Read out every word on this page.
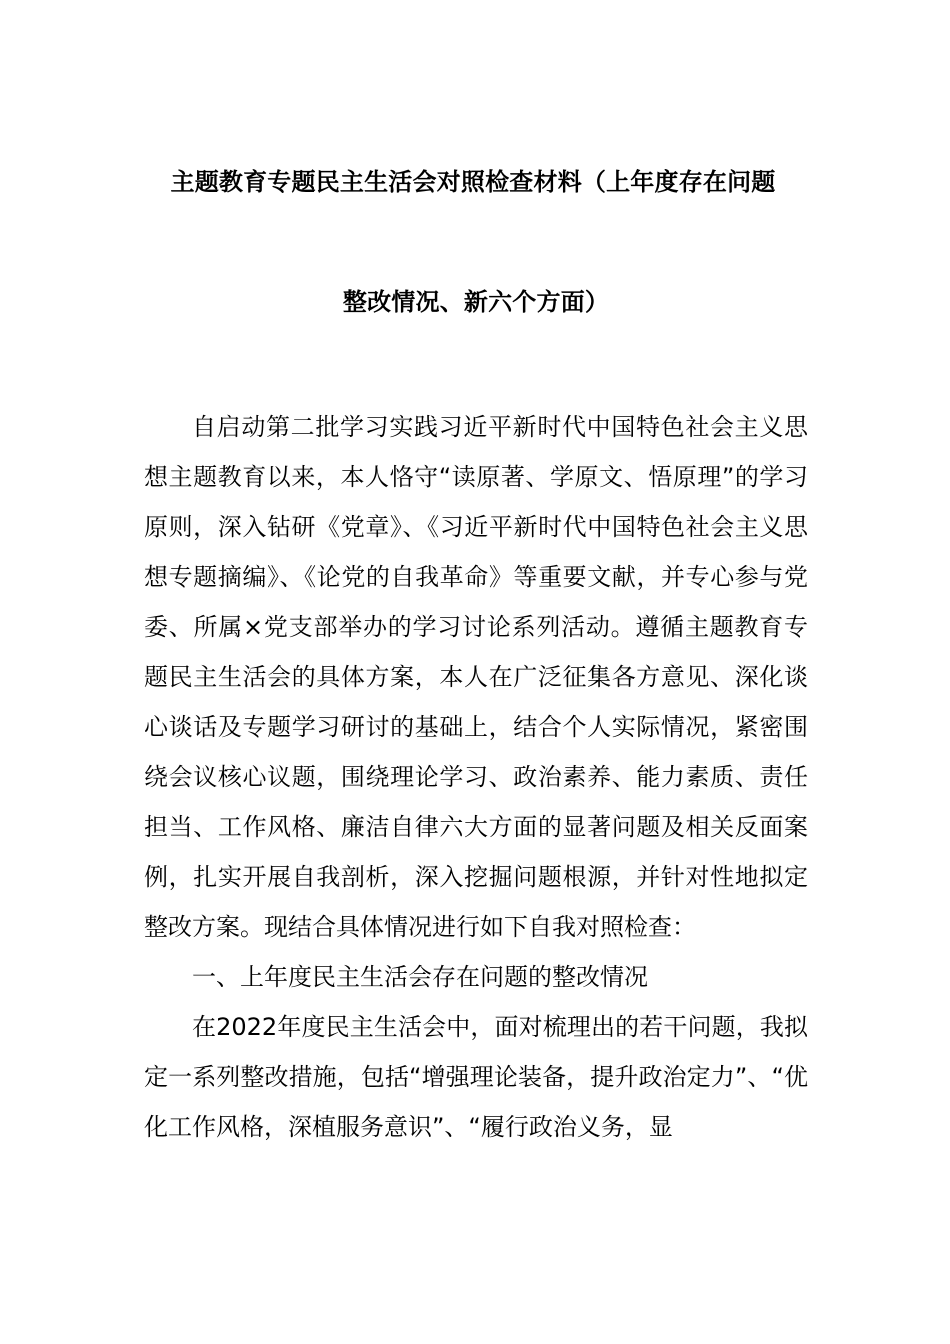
主题教育专题民主生活会对照检查材料（上年度存在问题
整改情况、新六个方面）

自启动第二批学习实践习近平新时代中国特色社会主义思想主题教育以来，本人恪守“读原著、学原文、悟原理”的学习原则，深入钻研《党章》、《习近平新时代中国特色社会主义思想专题摘编》、《论党的自我革命》等重要文献，并专心参与党委、所属×党支部举办的学习讨论系列活动。遵循主题教育专题民主生活会的具体方案，本人在广泛征集各方意见、深化谈心谈话及专题学习研讨的基础上，结合个人实际情况，紧密围绕会议核心议题，围绕理论学习、政治素养、能力素质、责任担当、工作风格、廉洁自律六大方面的显著问题及相关反面案例，扎实开展自我剖析，深入挖掘问题根源，并针对性地拟定整改方案。现结合具体情况进行如下自我对照检查：

一、上年度民主生活会存在问题的整改情况

在2022年度民主生活会中，面对梳理出的若干问题，我拟定一系列整改措施，包括“增强理论装备，提升政治定力”、“优化工作风格，深植服务意识”、“履行政治义务，显
